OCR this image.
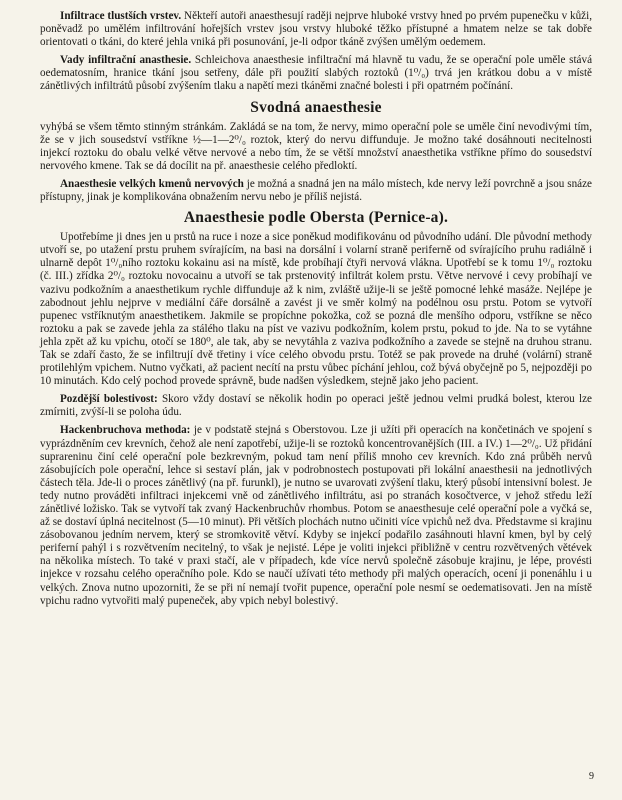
Infiltrace tlustších vrstev. Někteří autoři anaesthesují raději nejprve hluboké vrstvy hned po prvém pupenečku v kůži, poněvadž po umělém infiltrování hořejších vrstev jsou vrstvy hluboké těžko přístupné a hmatem nelze se tak dobře orientovati o tkáni, do které jehla vniká při posunování, je-li odpor tkáně zvýšen umělým oedemem.

Vady infiltrační anasthesie. Schleichova anaesthesie infiltrační má hlavně tu vadu, že se operační pole uměle stává oedematosním, hranice tkání jsou setřeny, dále při použití slabých roztoků (1⁰/₀) trvá jen krátkou dobu a v místě zánětlivých infiltrátů působí zvýšením tlaku a napětí mezi tkáněmi značné bolesti i při opatrném počínání.

Svodná anaesthesie

vyhýbá se všem těmto stinným stránkám. Zakládá se na tom, že nervy, mimo operační pole se uměle činí nevodivými tím, že se v jich sousedství vstříkne ½—1—2⁰/₀ roztok, který do nervu diffunduje. Je možno také dosáhnouti necitelnosti injekcí roztoku do obalu velké větve nervové a nebo tím, že se větší množství anaesthetika vstříkne přímo do sousedství nervového kmene. Tak se dá docílit na př. anaesthesie celého předloktí.

Anaesthesie velkých kmenů nervových je možná a snadná jen na málo místech, kde nervy leží povrchně a jsou snáze přístupny, jinak je komplikována obnažením nervu nebo je příliš nejistá.

Anaesthesie podle Obersta (Pernice-a).

Upotřebíme ji dnes jen u prstů na ruce i noze a sice poněkud modifikovánu od původního udání. Dle původní methody utvoří se, po utažení prstu pruhem svírajícím, na basi na dorsální i volarní straně periferně od svírajícího pruhu radiálně i ulnarně depôt 1⁰/₀ního roztoku kokainu asi na místě, kde probíhají čtyři nervová vlákna. Upotřebí se k tomu 1⁰/₀ roztoku (č. III.) zřídka 2⁰/₀ roztoku novocainu a utvoří se tak prstenovitý infiltrát kolem prstu. Větve nervové i cevy probíhají ve vazivu podkožním a anaesthetikum rychle diffunduje až k nim, zvláště užije-li se ještě pomocné lehké masáže. Nejlépe je zabodnout jehlu nejprve v mediální čáře dorsálně a zavést ji ve směr kolmý na podélnou osu prstu. Potom se vytvoří pupenec vstříknutým anaesthetikem. Jakmile se propíchne pokožka, což se pozná dle menšího odporu, vstříkne se něco roztoku a pak se zavede jehla za stálého tlaku na píst ve vazivu podkožním, kolem prstu, pokud to jde. Na to se vytáhne jehla zpět až ku vpichu, otočí se 180⁰, ale tak, aby se nevytáhla z vaziva podkožního a zavede se stejně na druhou stranu. Tak se zdaří často, že se infiltrují dvě třetiny i více celého obvodu prstu. Totéž se pak provede na druhé (volární) straně protilehlým vpichem. Nutno vyčkati, až pacient necítí na prstu vůbec píchání jehlou, což bývá obyčejně po 5, nejpozději po 10 minutách. Kdo celý pochod provede správně, bude nadšen výsledkem, stejně jako jeho pacient.

Pozdější bolestivost: Skoro vždy dostaví se několik hodin po operaci ještě jednou velmi prudká bolest, kterou lze zmírniti, zvýší-li se poloha údu.

Hackenbruchova methoda: je v podstatě stejná s Oberstovou. Lze ji užíti při operacích na končetinách ve spojení s vyprázdněním cev krevních, čehož ale není zapotřebí, užije-li se roztoků koncentrovanějších (III. a IV.) 1—2⁰/₀. Už přidání suprareninu činí celé operační pole bezkrevným, pokud tam není příliš mnoho cev krevních. Kdo zná průběh nervů zásobujících pole operační, lehce si sestaví plán, jak v podrobnostech postupovati při lokální anaesthesii na jednotlivých částech těla. Jde-li o proces zánětlivý (na př. furunkl), je nutno se uvarovati zvýšení tlaku, který působí intensivní bolest. Je tedy nutno prováděti infiltraci injekcemi vně od zánětlivého infiltrátu, asi po stranách kosočtverce, v jehož středu leží zánětlivé ložisko. Tak se vytvoří tak zvaný Hackenbruchův rhombus. Potom se anaesthesuje celé operační pole a vyčká se, až se dostaví úplná necitelnost (5—10 minut). Při větších plochách nutno učiniti více vpichů než dva. Představme si krajinu zásobovanou jedním nervem, který se stromkovitě větví. Kdyby se injekcí podařilo zasáhnouti hlavní kmen, byl by celý periferní pahýl i s rozvětvením necitelný, to však je nejisté. Lépe je voliti injekci přibližně v centru rozvětvených větévek na několika místech. To také v praxi stačí, ale v případech, kde více nervů společně zásobuje krajinu, je lépe, provésti injekce v rozsahu celého operačního pole. Kdo se naučí užívati této methody při malých operacích, ocení ji ponenáhlu i u velkých. Znova nutno upozorniti, že se při ní nemají tvořit pupence, operační pole nesmí se oedematisovati. Jen na místě vpichu radno vytvořiti malý pupeneček, aby vpich nebyl bolestivý.

9
